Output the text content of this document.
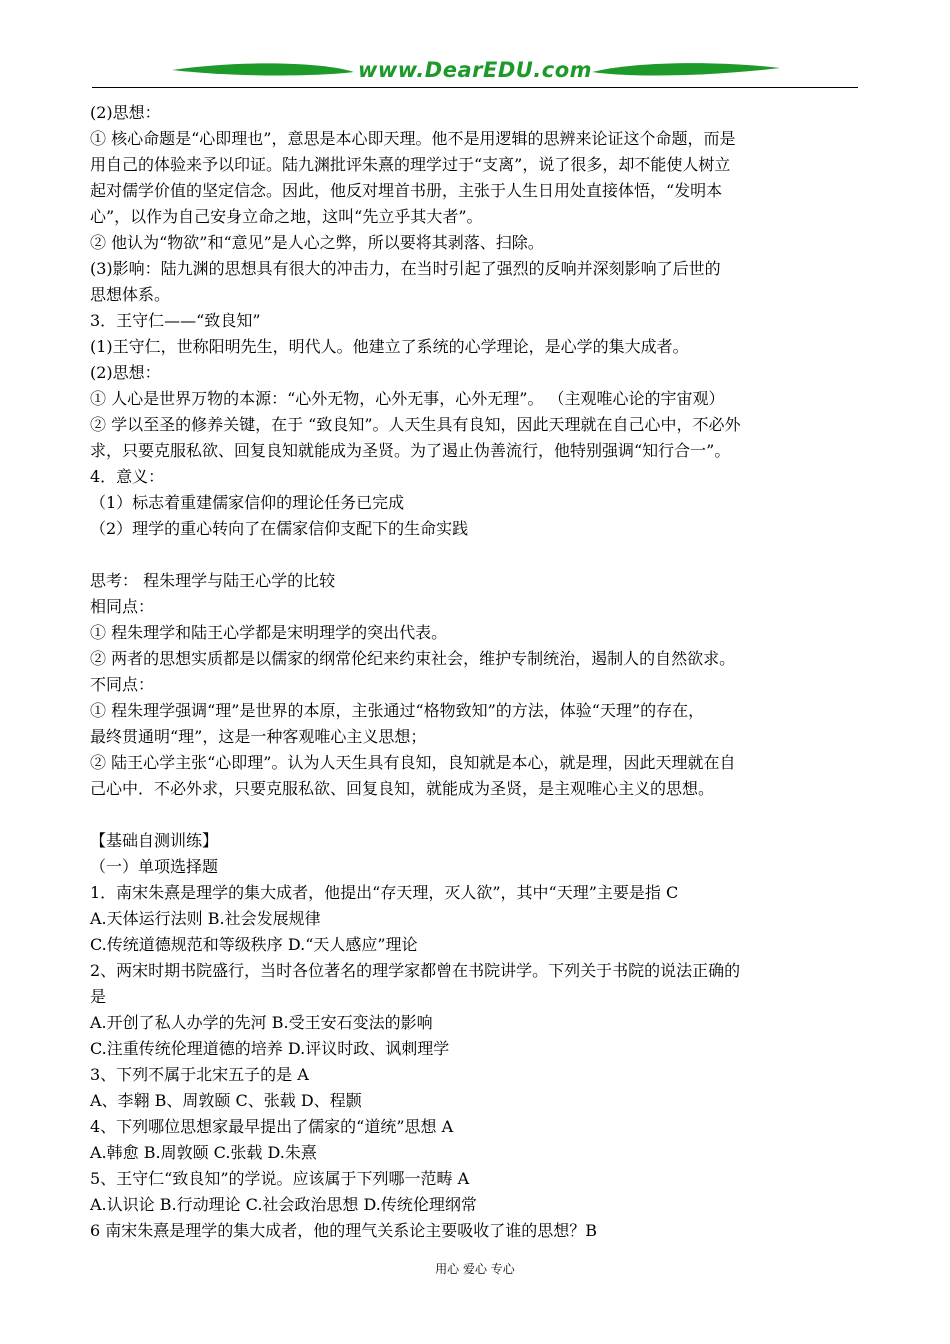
www.DearEDU.com

(2)思想：

① 核心命题是“心即理也”，意思是本心即天理。他不是用逻辑的思辨来论证这个命题，而是

用自己的体验来予以印证。陆九渊批评朱熹的理学过于“支离”，说了很多，却不能使人树立

起对儒学价值的坚定信念。因此，他反对埋首书册，主张于人生日用处直接体悟，“发明本

心”，以作为自己安身立命之地，这叫“先立乎其大者”。

② 他认为“物欲”和“意见”是人心之弊，所以要将其剥落、扫除。

(3)影响：陆九渊的思想具有很大的冲击力，在当时引起了强烈的反响并深刻影响了后世的

思想体系。

3．王守仁——“致良知”

(1)王守仁，世称阳明先生，明代人。他建立了系统的心学理论，是心学的集大成者。

(2)思想：

① 人心是世界万物的本源：“心外无物，心外无事，心外无理”。 （主观唯心论的宇宙观）

② 学以至圣的修养关键，在于 “致良知”。人天生具有良知，因此天理就在自己心中，不必外

求，只要克服私欲、回复良知就能成为圣贤。为了遏止伪善流行，他特别强调“知行合一”。

4．意义：

（1）标志着重建儒家信仰的理论任务已完成

（2）理学的重心转向了在儒家信仰支配下的生命实践

思考： 程朱理学与陆王心学的比较

相同点：

① 程朱理学和陆王心学都是宋明理学的突出代表。

② 两者的思想实质都是以儒家的纲常伦纪来约束社会，维护专制统治，遏制人的自然欲求。

不同点：

① 程朱理学强调“理”是世界的本原，主张通过“格物致知”的方法，体验“天理”的存在，

最终贯通明“理”，这是一种客观唯心主义思想；

② 陆王心学主张“心即理”。认为人天生具有良知，良知就是本心，就是理，因此天理就在自

己心中．不必外求，只要克服私欲、回复良知，就能成为圣贤，是主观唯心主义的思想。

【基础自测训练】

（一）单项选择题

1．南宋朱熹是理学的集大成者，他提出“存天理，灭人欲”，其中“天理”主要是指 C

A.天体运行法则 B.社会发展规律

C.传统道德规范和等级秩序 D.“天人感应”理论

2、两宋时期书院盛行，当时各位著名的理学家都曾在书院讲学。下列关于书院的说法正确的

是

A.开创了私人办学的先河 B.受王安石变法的影响

C.注重传统伦理道德的培养 D.评议时政、讽刺理学

3、下列不属于北宋五子的是 A

A、李翱 B、周敦颐 C、张载 D、程颢

4、下列哪位思想家最早提出了儒家的“道统”思想 A

A.韩愈 B.周敦颐 C.张载 D.朱熹

5、王守仁“致良知”的学说。应该属于下列哪一范畴 A

A.认识论 B.行动理论 C.社会政治思想 D.传统伦理纲常

6 南宋朱熹是理学的集大成者，他的理气关系论主要吸收了谁的思想？B

用心 爱心 专心
